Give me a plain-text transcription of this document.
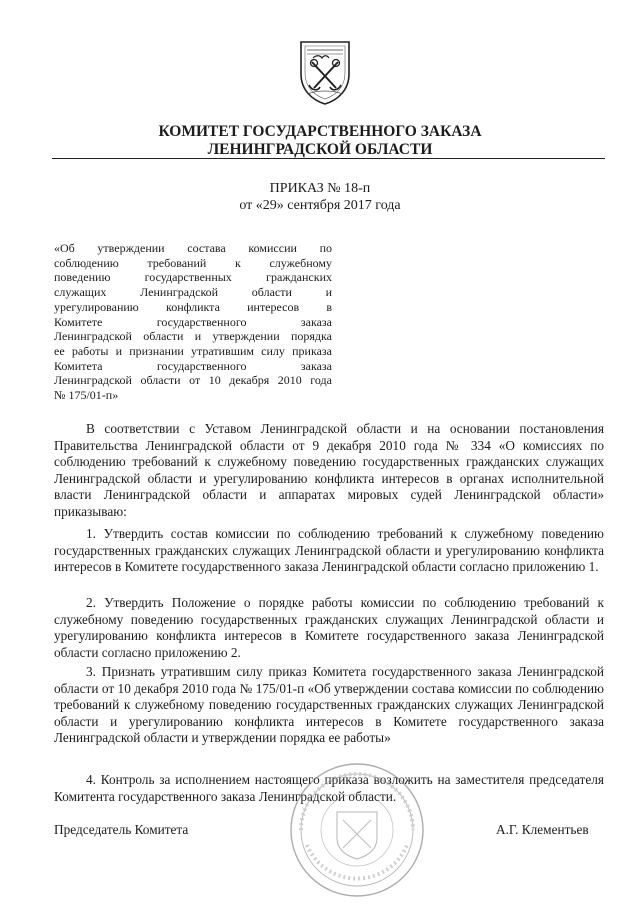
КОМИТЕТ ГОСУДАРСТВЕННОГО ЗАКАЗА
ЛЕНИНГРАДСКОЙ ОБЛАСТИ
ПРИКАЗ № 18-п
от «29» сентября 2017 года
«Об утверждении состава комиссии по
соблюдению требований к служебному
поведению государственных гражданских
служащих Ленинградской области и
урегулированию конфликта интересов в
Комитете государственного заказа
Ленинградской области и утверждении порядка
ее работы и признании утратившим силу приказа
Комитета государственного заказа
Ленинградской области от 10 декабря 2010 года
№ 175/01-п»

В соответствии с Уставом Ленинградской области и на основании постановления Правительства Ленинградской области от 9 декабря 2010 года № 334 «О комиссиях по соблюдению требований к служебному поведению государственных гражданских служащих Ленинградской области и урегулированию конфликта интересов в органах исполнительной власти Ленинградской области и аппаратах мировых судей Ленинградской области» приказываю:

1. Утвердить состав комиссии по соблюдению требований к служебному поведению государственных гражданских служащих Ленинградской области и урегулированию конфликта интересов в Комитете государственного заказа Ленинградской области согласно приложению 1.

2. Утвердить Положение о порядке работы комиссии по соблюдению требований к служебному поведению государственных гражданских служащих Ленинградской области и урегулированию конфликта интересов в Комитете государственного заказа Ленинградской области согласно приложению 2.

3. Признать утратившим силу приказ Комитета государственного заказа Ленинградской области от 10 декабря 2010 года № 175/01-п «Об утверждении состава комиссии по соблюдению требований к служебному поведению государственных гражданских служащих Ленинградской области и урегулированию конфликта интересов в Комитете государственного заказа Ленинградской области и утверждении порядка ее работы»

4. Контроль за исполнением настоящего приказа возложить на заместителя председателя Комитента государственного заказа Ленинградской области.

Председатель Комитета	А.Г. Клементьев
